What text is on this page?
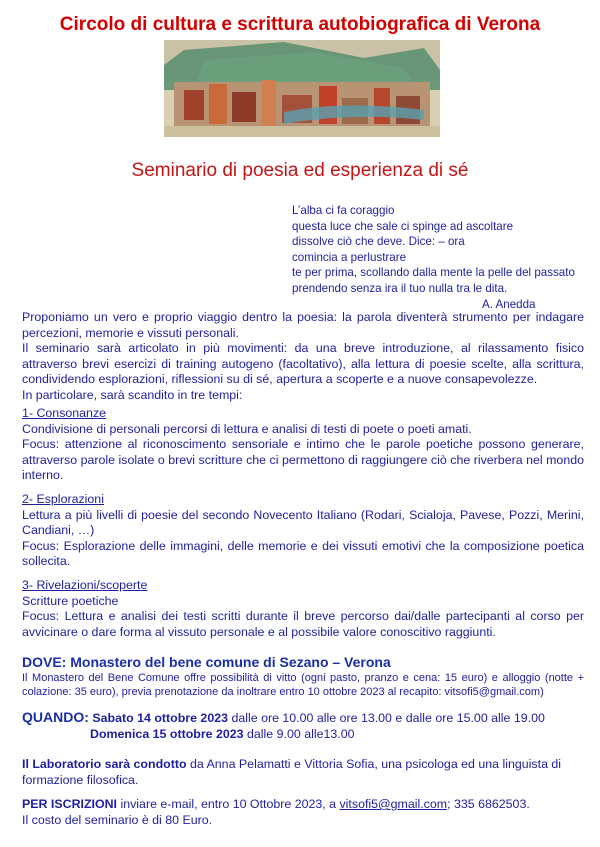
Circolo di cultura e scrittura autobiografica di Verona
Seminario di poesia ed esperienza di sé
L’alba ci fa coraggio
questa luce che sale ci spinge ad ascoltare
dissolve ciò che deve. Dice: – ora
comincia a perlustrare
te per prima, scollando dalla mente la pelle del passato
prendendo senza ira il tuo nulla tra le dita.
A. Anedda

Proponiamo un vero e proprio viaggio dentro la poesia: la parola diventerà strumento per indagare percezioni, memorie e vissuti personali.

Il seminario sarà articolato in più movimenti: da una breve introduzione, al rilassamento fisico attraverso brevi esercizi di training autogeno (facoltativo), alla lettura di poesie scelte, alla scrittura, condividendo esplorazioni, riflessioni su di sé, apertura a scoperte e a nuove consapevolezze.

In particolare, sarà scandito in tre tempi:

1- Consonanze

Condivisione di personali percorsi di lettura e analisi di testi di poete o poeti amati.

Focus: attenzione al riconoscimento sensoriale e intimo che le parole poetiche possono generare, attraverso parole isolate o brevi scritture che ci permettono di raggiungere ciò che riverbera nel mondo interno.

2- Esplorazioni

Lettura a più livelli di poesie del secondo Novecento Italiano (Rodari, Scialoja, Pavese, Pozzi, Merini, Candiani, …)

Focus: Esplorazione delle immagini, delle memorie e dei vissuti emotivi che la composizione poetica sollecita.

3- Rivelazioni/scoperte

Scritture poetiche

Focus: Lettura e analisi dei testi scritti durante il breve percorso dai/dalle partecipanti al corso per avvicinare o dare forma al vissuto personale e al possibile valore conoscitivo raggiunti.

DOVE: Monastero del bene comune di Sezano – Verona

Il Monastero del Bene Comune offre possibilità di vitto (ogni pasto, pranzo e cena: 15 euro) e alloggio (notte + colazione: 35 euro), previa prenotazione da inoltrare entro 10 ottobre 2023 al recapito: vitsofi5@gmail.com)

QUANDO: Sabato 14 ottobre 2023 dalle ore 10.00 alle ore 13.00 e dalle ore 15.00 alle 19.00

Domenica 15 ottobre 2023 dalle 9.00 alle13.00

Il Laboratorio sarà condotto da Anna Pelamatti e Vittoria Sofia, una psicologa ed una linguista di formazione filosofica.

PER ISCRIZIONI inviare e-mail, entro 10 Ottobre 2023, a vitsofi5@gmail.com; 335 6862503.

Il costo del seminario è di 80 Euro.
